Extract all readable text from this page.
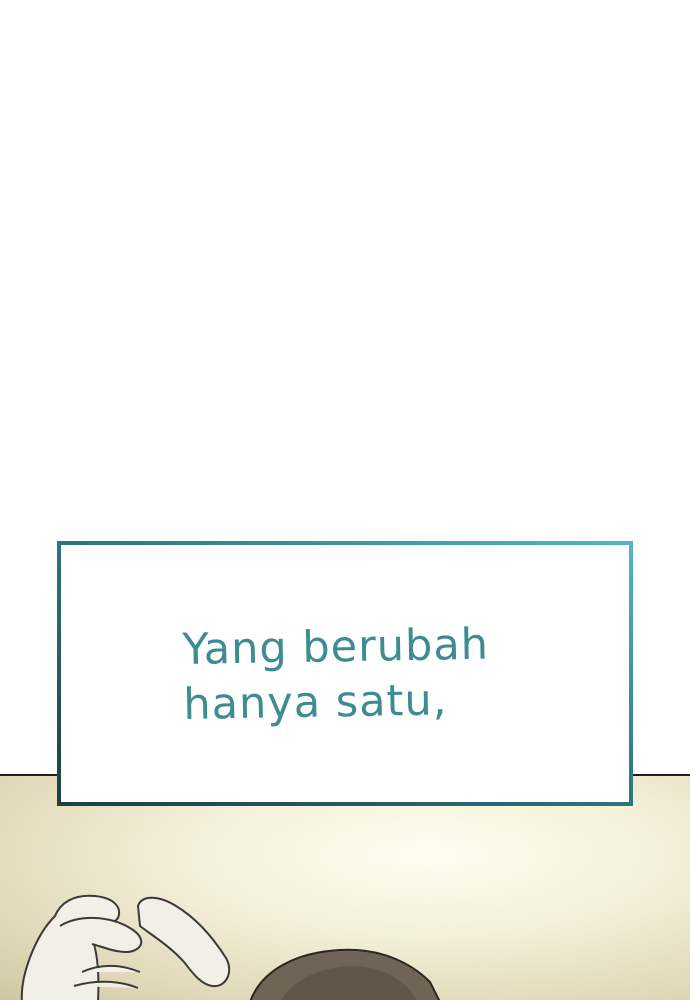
Yang berubah
hanya satu,
